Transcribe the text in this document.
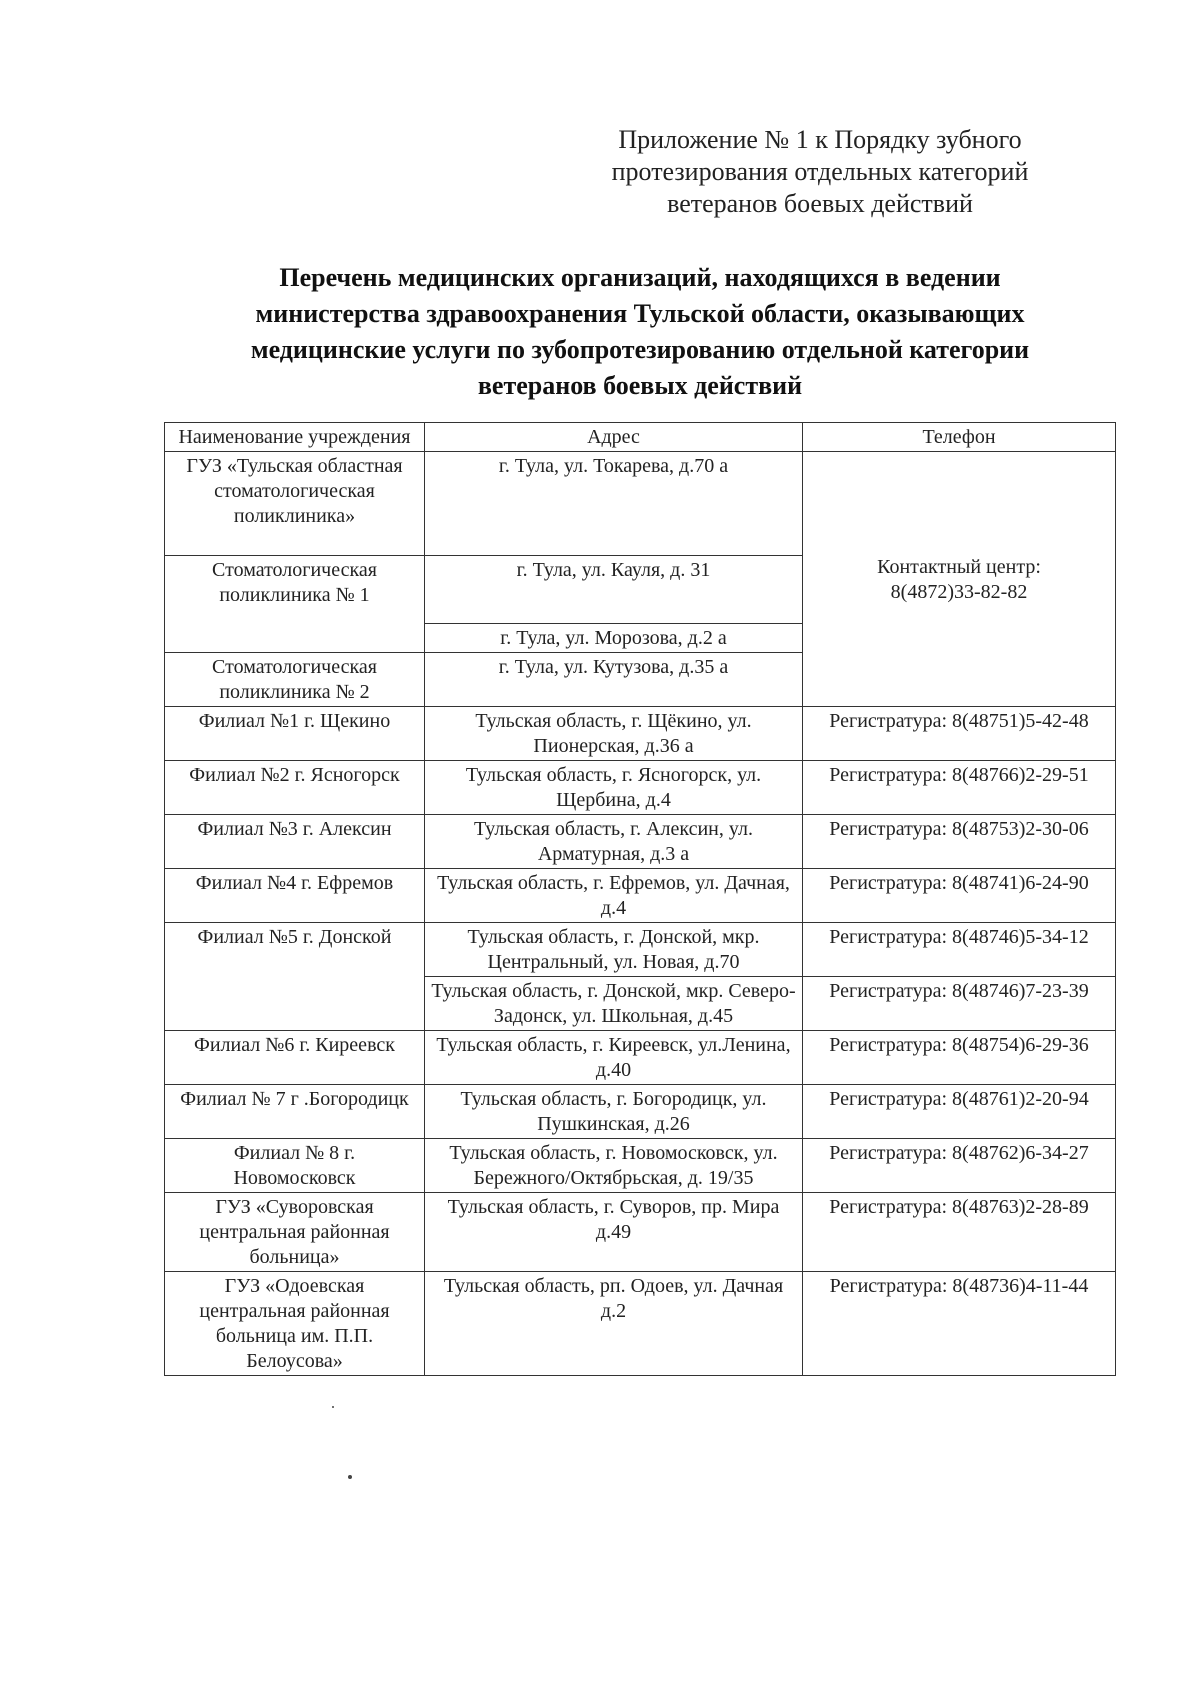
Приложение № 1 к Порядку зубного
протезирования отдельных категорий
ветеранов боевых действий
Перечень медицинских организаций, находящихся в ведении
министерства здравоохранения Тульской области, оказывающих
медицинские услуги по зубопротезированию отдельной категории
ветеранов боевых действий
Наименование учреждения	Адрес	Телефон
ГУЗ «Тульская областная стоматологическая поликлиника»	г. Тула, ул. Токарева, д.70 а	Контактный центр:
8(4872)33-82-82

Стоматологическая поликлиника № 1	г. Тула, ул. Кауля, д. 31	
	г. Тула, ул. Морозова, д.2 а	
Стоматологическая поликлиника № 2	г. Тула, ул. Кутузова, д.35 а	
Филиал №1 г. Щекино	Тульская область, г. Щёкино, ул. Пионерская, д.36 а	Регистратура: 8(48751)5-42-48
Филиал №2 г. Ясногорск	Тульская область, г. Ясногорск, ул. Щербина, д.4	Регистратура: 8(48766)2-29-51
Филиал №3 г. Алексин	Тульская область, г. Алексин, ул. Арматурная, д.3 а	Регистратура: 8(48753)2-30-06
Филиал №4 г. Ефремов	Тульская область, г. Ефремов, ул. Дачная, д.4	Регистратура: 8(48741)6-24-90
Филиал №5 г. Донской	Тульская область, г. Донской, мкр. Центральный, ул. Новая, д.70	Регистратура: 8(48746)5-34-12
	Тульская область, г. Донской, мкр. Северо-Задонск, ул. Школьная, д.45	Регистратура: 8(48746)7-23-39
Филиал №6 г. Киреевск	Тульская область, г. Киреевск, ул.Ленина, д.40	Регистратура: 8(48754)6-29-36
Филиал № 7 г .Богородицк	Тульская область, г. Богородицк, ул. Пушкинская, д.26	Регистратура: 8(48761)2-20-94
Филиал № 8 г. Новомосковск	Тульская область, г. Новомосковск, ул. Бережного/Октябрьская, д. 19/35	Регистратура: 8(48762)6-34-27
ГУЗ «Суворовская центральная районная больница»	Тульская область, г. Суворов, пр. Мира д.49	Регистратура: 8(48763)2-28-89
ГУЗ «Одоевская центральная районная больница им. П.П. Белоусова»	Тульская область, рп. Одоев, ул. Дачная д.2	Регистратура: 8(48736)4-11-44
